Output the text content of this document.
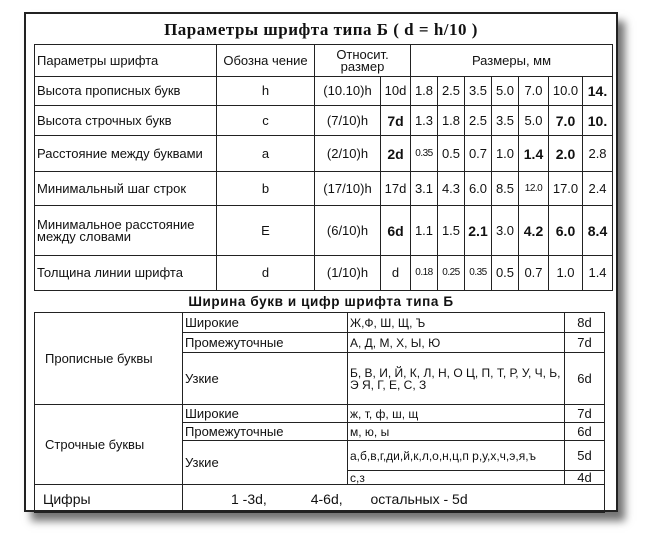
Параметры шрифта типа Б ( d = h/10 )
Параметры шрифта	Обозна чение	Относит. размер		Размеры, мм						
Высота прописных букв	h	(10.10)h	10d	1.8	2.5	3.5	5.0	7.0	10.0	14.
Высота строчных букв	c	(7/10)h	7d	1.3	1.8	2.5	3.5	5.0	7.0	10.
Расстояние между буквами	a	(2/10)h	2d	0.35	0.5	0.7	1.0	1.4	2.0	2.8
Минимальный шаг строк	b	(17/10)h	17d	3.1	4.3	6.0	8.5	12.0	17.0	2.4
Минимальное расстояние между словами	E	(6/10)h	6d	1.1	1.5	2.1	3.0	4.2	6.0	8.4
Толщина линии шрифта	d	(1/10)h	d	0.18	0.25	0.35	0.5	0.7	1.0	1.4
Ширина букв и цифр шрифта типа Б
Прописные буквы	Широкие	Ж,Ф, Ш, Щ, Ъ	8d
	Промежуточные	А, Д, М, Х, Ы, Ю	7d
	Узкие	Б, В, И, Й, К, Л, Н, О Ц, П, Т, Р, У, Ч, Ь, Э Я, Г, Е, С, З	6d
Строчные буквы	Широкие	ж, т, ф, ш, щ	7d
	Промежуточные	м, ю, ы	6d
	Узкие	а,б,в,г,ди,й,к,л,о,н,ц,п р,у,х,ч,э,я,ъ	5d
		с,з	4d
Цифры	1 -3d, 4-6d, остальных - 5d		
